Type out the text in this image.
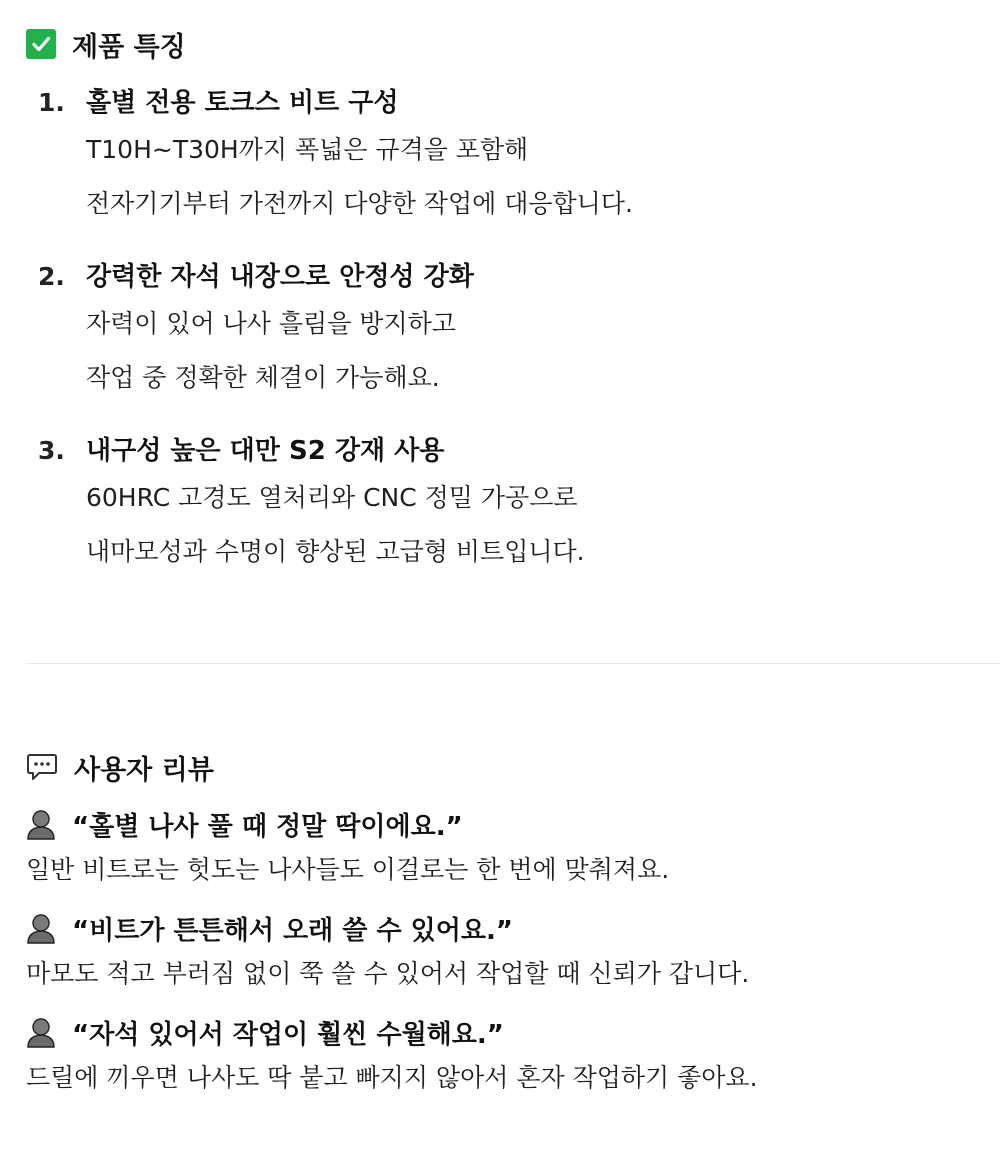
제품 특징
1. 홀별 전용 토크스 비트 구성
T10H~T30H까지 폭넓은 규격을 포함해
전자기기부터 가전까지 다양한 작업에 대응합니다.
2. 강력한 자석 내장으로 안정성 강화
자력이 있어 나사 흘림을 방지하고
작업 중 정확한 체결이 가능해요.
3. 내구성 높은 대만 S2 강재 사용
60HRC 고경도 열처리와 CNC 정밀 가공으로
내마모성과 수명이 향상된 고급형 비트입니다.
사용자 리뷰
“홀별 나사 풀 때 정말 딱이에요.”
일반 비트로는 헛도는 나사들도 이걸로는 한 번에 맞춰져요.
“비트가 튼튼해서 오래 쓸 수 있어요.”
마모도 적고 부러짐 없이 쭉 쓸 수 있어서 작업할 때 신뢰가 갑니다.
“자석 있어서 작업이 훨씬 수월해요.”
드릴에 끼우면 나사도 딱 붙고 빠지지 않아서 혼자 작업하기 좋아요.
